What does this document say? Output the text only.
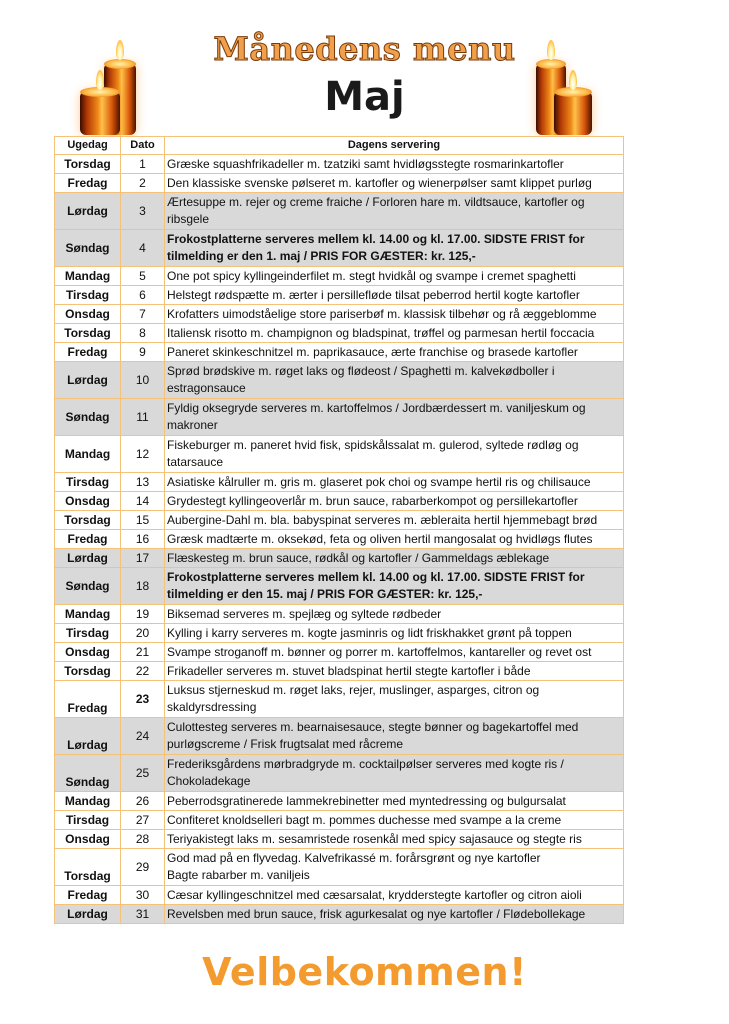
Månedens menu
Maj
Ugedag	Dato	Dagens servering
Torsdag	1	Græske squashfrikadeller m. tzatziki samt hvidløgsstegte rosmarinkartofler
Fredag	2	Den klassiske svenske pølseret m. kartofler og wienerpølser samt klippet purløg
Lørdag	3	Ærtesuppe m. rejer og creme fraiche / Forloren hare m. vildtsauce, kartofler og ribsgele
Søndag	4	Frokostplatterne serveres mellem kl. 14.00 og kl. 17.00. SIDSTE FRIST for tilmelding er den 1. maj / PRIS FOR GÆSTER: kr. 125,-
Mandag	5	One pot spicy kyllingeinderfilet m. stegt hvidkål og svampe i cremet spaghetti
Tirsdag	6	Helstegt rødspætte m. ærter i persillefløde tilsat peberrod hertil kogte kartofler
Onsdag	7	Krofatters uimodståelige store pariserbøf m. klassisk tilbehør og rå æggeblomme
Torsdag	8	Italiensk risotto m. champignon og bladspinat, trøffel og parmesan hertil foccacia
Fredag	9	Paneret skinkeschnitzel m. paprikasauce, ærte franchise og brasede kartofler
Lørdag	10	Sprød brødskive m. røget laks og flødeost / Spaghetti m. kalvekødboller i estragonsauce
Søndag	11	Fyldig oksegryde serveres m. kartoffelmos / Jordbærdessert m. vaniljeskum og makroner
Mandag	12	Fiskeburger m. paneret hvid fisk, spidskålssalat m. gulerod, syltede rødløg og tatarsauce
Tirsdag	13	Asiatiske kålruller m. gris m. glaseret pok choi og svampe hertil ris og chilisauce
Onsdag	14	Grydestegt kyllingeoverlår m. brun sauce, rabarberkompot og persillekartofler
Torsdag	15	Aubergine-Dahl m. bla. babyspinat serveres m. æbleraita hertil hjemmebagt brød
Fredag	16	Græsk madtærte m. oksekød, feta og oliven hertil mangosalat og hvidløgs flutes
Lørdag	17	Flæskesteg m. brun sauce, rødkål og kartofler / Gammeldags æblekage
Søndag	18	Frokostplatterne serveres mellem kl. 14.00 og kl. 17.00. SIDSTE FRIST for tilmelding er den 15. maj / PRIS FOR GÆSTER: kr. 125,-
Mandag	19	Biksemad serveres m. spejlæg og syltede rødbeder
Tirsdag	20	Kylling i karry serveres m. kogte jasminris og lidt friskhakket grønt på toppen
Onsdag	21	Svampe stroganoff m. bønner og porrer m. kartoffelmos, kantareller og revet ost
Torsdag	22	Frikadeller serveres m. stuvet bladspinat hertil stegte kartofler i både
Fredag	23	Luksus stjerneskud m. røget laks, rejer, muslinger, asparges, citron og skaldyrsdressing
Lørdag	24	Culottesteg serveres m. bearnaisesauce, stegte bønner og bagekartoffel med purløgscreme / Frisk frugtsalat med råcreme
Søndag	25	Frederiksgårdens mørbradgryde m. cocktailpølser serveres med kogte ris / Chokoladekage
Mandag	26	Peberrodsgratinerede lammekrebinetter med myntedressing og bulgursalat
Tirsdag	27	Confiteret knoldselleri bagt m. pommes duchesse med svampe a la creme
Onsdag	28	Teriyakistegt laks m. sesamristede rosenkål med spicy sajasauce og stegte ris
Torsdag	29	God mad på en flyvedag. Kalvefrikassé m. forårsgrønt og nye kartofler
Bagte rabarber m. vaniljeis
Fredag	30	Cæsar kyllingeschnitzel med cæsarsalat, krydderstegte kartofler og citron aioli
Lørdag	31	Revelsben med brun sauce, frisk agurkesalat og nye kartofler / Flødebollekage
Velbekommen!
